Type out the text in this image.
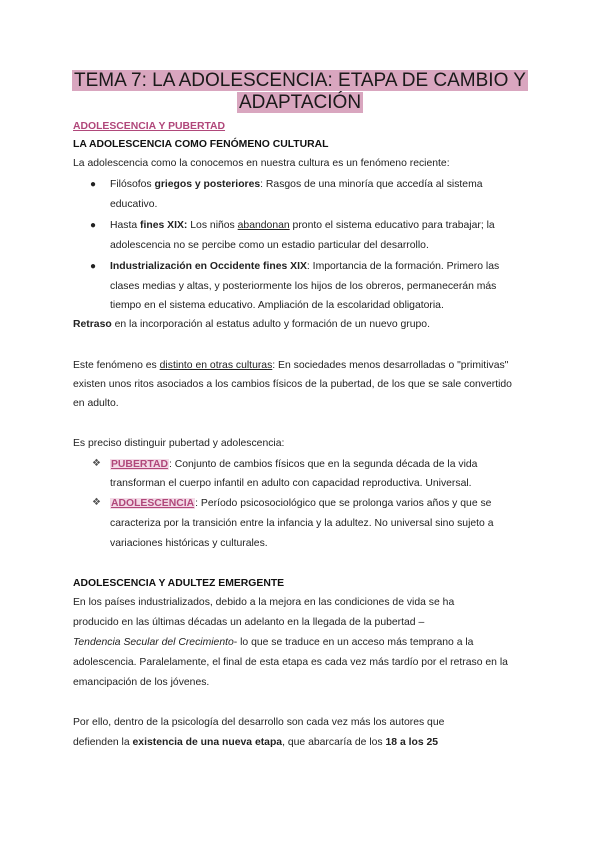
TEMA 7: LA ADOLESCENCIA: ETAPA DE CAMBIO Y
ADAPTACIÓN
ADOLESCENCIA Y PUBERTAD
LA ADOLESCENCIA COMO FENÓMENO CULTURAL
La adolescencia como la conocemos en nuestra cultura es un fenómeno reciente:
● Filósofos griegos y posteriores: Rasgos de una minoría que accedía al sistema
educativo.
● Hasta fines XIX: Los niños abandonan pronto el sistema educativo para trabajar; la
adolescencia no se percibe como un estadio particular del desarrollo.
● Industrialización en Occidente fines XIX: Importancia de la formación. Primero las
clases medias y altas, y posteriormente los hijos de los obreros, permanecerán más
tiempo en el sistema educativo. Ampliación de la escolaridad obligatoria.
Retraso en la incorporación al estatus adulto y formación de un nuevo grupo.
Este fenómeno es distinto en otras culturas: En sociedades menos desarrolladas o "primitivas"
existen unos ritos asociados a los cambios físicos de la pubertad, de los que se sale convertido
en adulto.
Es preciso distinguir pubertad y adolescencia:
❖ PUBERTAD: Conjunto de cambios físicos que en la segunda década de la vida
transforman el cuerpo infantil en adulto con capacidad reproductiva. Universal.
❖ ADOLESCENCIA: Período psicosociológico que se prolonga varios años y que se
caracteriza por la transición entre la infancia y la adultez. No universal sino sujeto a
variaciones históricas y culturales.
ADOLESCENCIA Y ADULTEZ EMERGENTE
En los países industrializados, debido a la mejora en las condiciones de vida se ha
producido en las últimas décadas un adelanto en la llegada de la pubertad –
Tendencia Secular del Crecimiento- lo que se traduce en un acceso más temprano a la
adolescencia. Paralelamente, el final de esta etapa es cada vez más tardío por el retraso en la
emancipación de los jóvenes.
Por ello, dentro de la psicología del desarrollo son cada vez más los autores que
defienden la existencia de una nueva etapa, que abarcaría de los 18 a los 25
